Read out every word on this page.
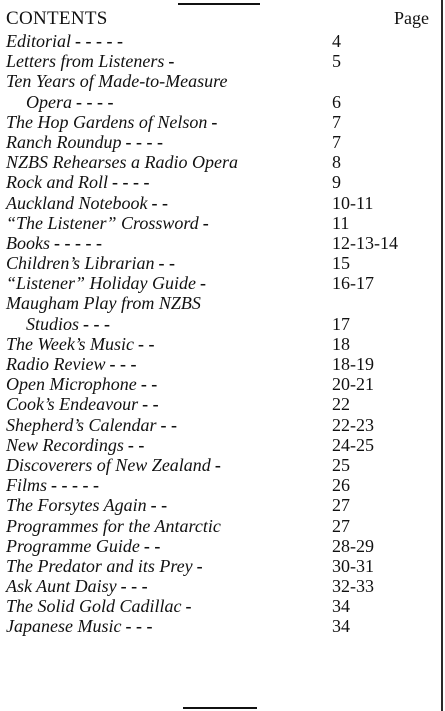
CONTENTS	Page
Editorial - - - - -	4
Letters from Listeners -	5
Ten Years of Made-to-Measure
Opera - - - -	6
The Hop Gardens of Nelson -	7
Ranch Roundup - - - -	7
NZBS Rehearses a Radio Opera	8
Rock and Roll - - - -	9
Auckland Notebook - -	10-11
“The Listener” Crossword -	11
Books - - - - -	12-13-14
Children’s Librarian - -	15
“Listener” Holiday Guide -	16-17
Maugham Play from NZBS
Studios - - -	17
The Week’s Music - -	18
Radio Review - - -	18-19
Open Microphone - -	20-21
Cook’s Endeavour - -	22
Shepherd’s Calendar - -	22-23
New Recordings - -	24-25
Discoverers of New Zealand -	25
Films - - - - -	26
The Forsytes Again - -	27
Programmes for the Antarctic	27
Programme Guide - -	28-29
The Predator and its Prey -	30-31
Ask Aunt Daisy - - -	32-33
The Solid Gold Cadillac -	34
Japanese Music - - -	34
